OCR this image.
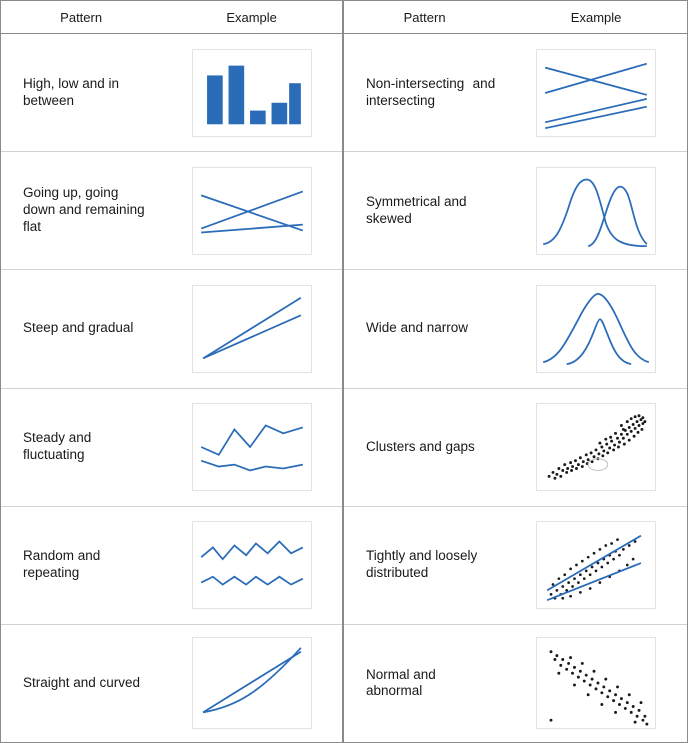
Pattern	Example
High, low and in between
Going up, going down and remaining flat
Steep and gradual
Steady and fluctuating
Random and repeating
Straight and curved
Pattern	Example
Non-intersecting and intersecting
Symmetrical and skewed
Wide and narrow
Clusters and gaps
Tightly and loosely distributed
Normal and abnormal
